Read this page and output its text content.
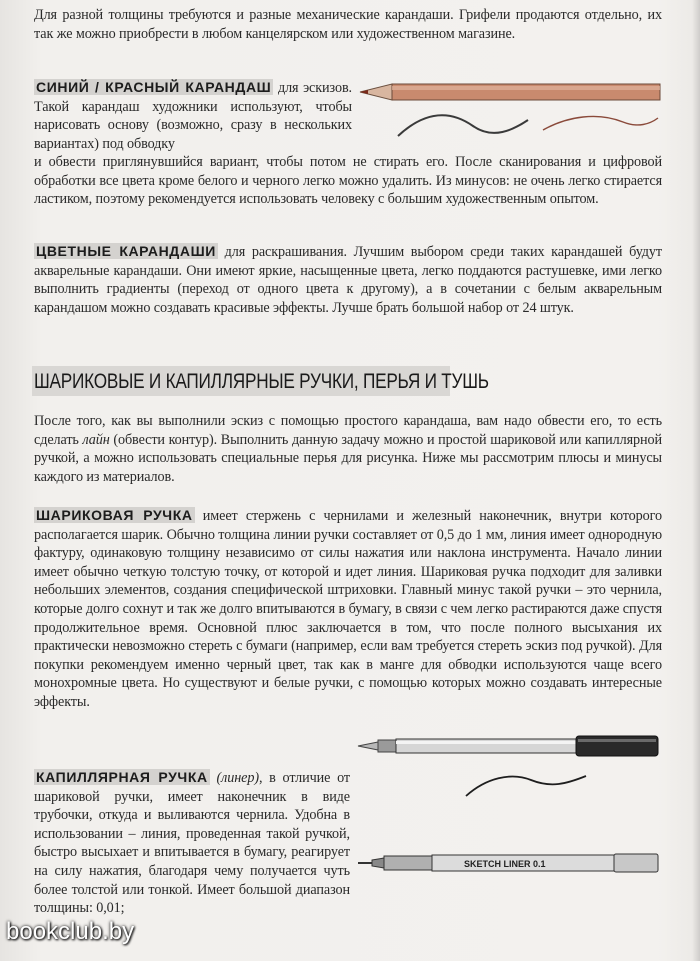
Для разной толщины требуются и разные механические карандаши. Грифели продаются отдельно, их так же можно приобрести в любом канцелярском или художественном магазине.

СИНИЙ / КРАСНЫЙ КАРАНДАШ для эскизов. Такой карандаш художники используют, чтобы нарисовать основу (возможно, сразу в нескольких вариантах) под обводку

и обвести приглянувшийся вариант, чтобы потом не стирать его. После сканирования и цифровой обработки все цвета кроме белого и черного легко можно удалить. Из минусов: не очень легко стирается ластиком, поэтому рекомендуется использовать человеку с большим художественным опытом.

ЦВЕТНЫЕ КАРАНДАШИ для раскрашивания. Лучшим выбором среди таких карандашей будут акварельные карандаши. Они имеют яркие, насыщенные цвета, легко поддаются растушевке, ими легко выполнить градиенты (переход от одного цвета к другому), а в сочетании с белым акварельным карандашом можно создавать красивые эффекты. Лучше брать большой набор от 24 штук.

ШАРИКОВЫЕ И КАПИЛЛЯРНЫЕ РУЧКИ, ПЕРЬЯ И ТУШЬ

После того, как вы выполнили эскиз с помощью простого карандаша, вам надо обвести его, то есть сделать лайн (обвести контур). Выполнить данную задачу можно и простой шариковой или капиллярной ручкой, а можно использовать специальные перья для рисунка. Ниже мы рассмотрим плюсы и минусы каждого из материалов.

ШАРИКОВАЯ РУЧКА имеет стержень с чернилами и железный наконечник, внутри которого располагается шарик. Обычно толщина линии ручки составляет от 0,5 до 1 мм, линия имеет однородную фактуру, одинаковую толщину независимо от силы нажатия или наклона инструмента. Начало линии имеет обычно четкую толстую точку, от которой и идет линия. Шариковая ручка подходит для заливки небольших элементов, создания специфической штриховки. Главный минус такой ручки – это чернила, которые долго сохнут и так же долго впитываются в бумагу, в связи с чем легко растираются даже спустя продолжительное время. Основной плюс заключается в том, что после полного высыхания их практически невозможно стереть с бумаги (например, если вам требуется стереть эскиз под ручкой). Для покупки рекомендуем именно черный цвет, так как в манге для обводки используются чаще всего монохромные цвета. Но существуют и белые ручки, с помощью которых можно создавать интересные эффекты.

КАПИЛЛЯРНАЯ РУЧКА (линер), в отличие от шариковой ручки, имеет наконечник в виде трубочки, откуда и выливаются чернила. Удобна в использовании – линия, проведенная такой ручкой, быстро высыхает и впитывается в бумагу, реагирует на силу нажатия, благодаря чему получается чуть более толстой или тонкой. Имеет большой диапазон толщины: 0,01;

SKETCH LINER 0.1
bookclub.by
